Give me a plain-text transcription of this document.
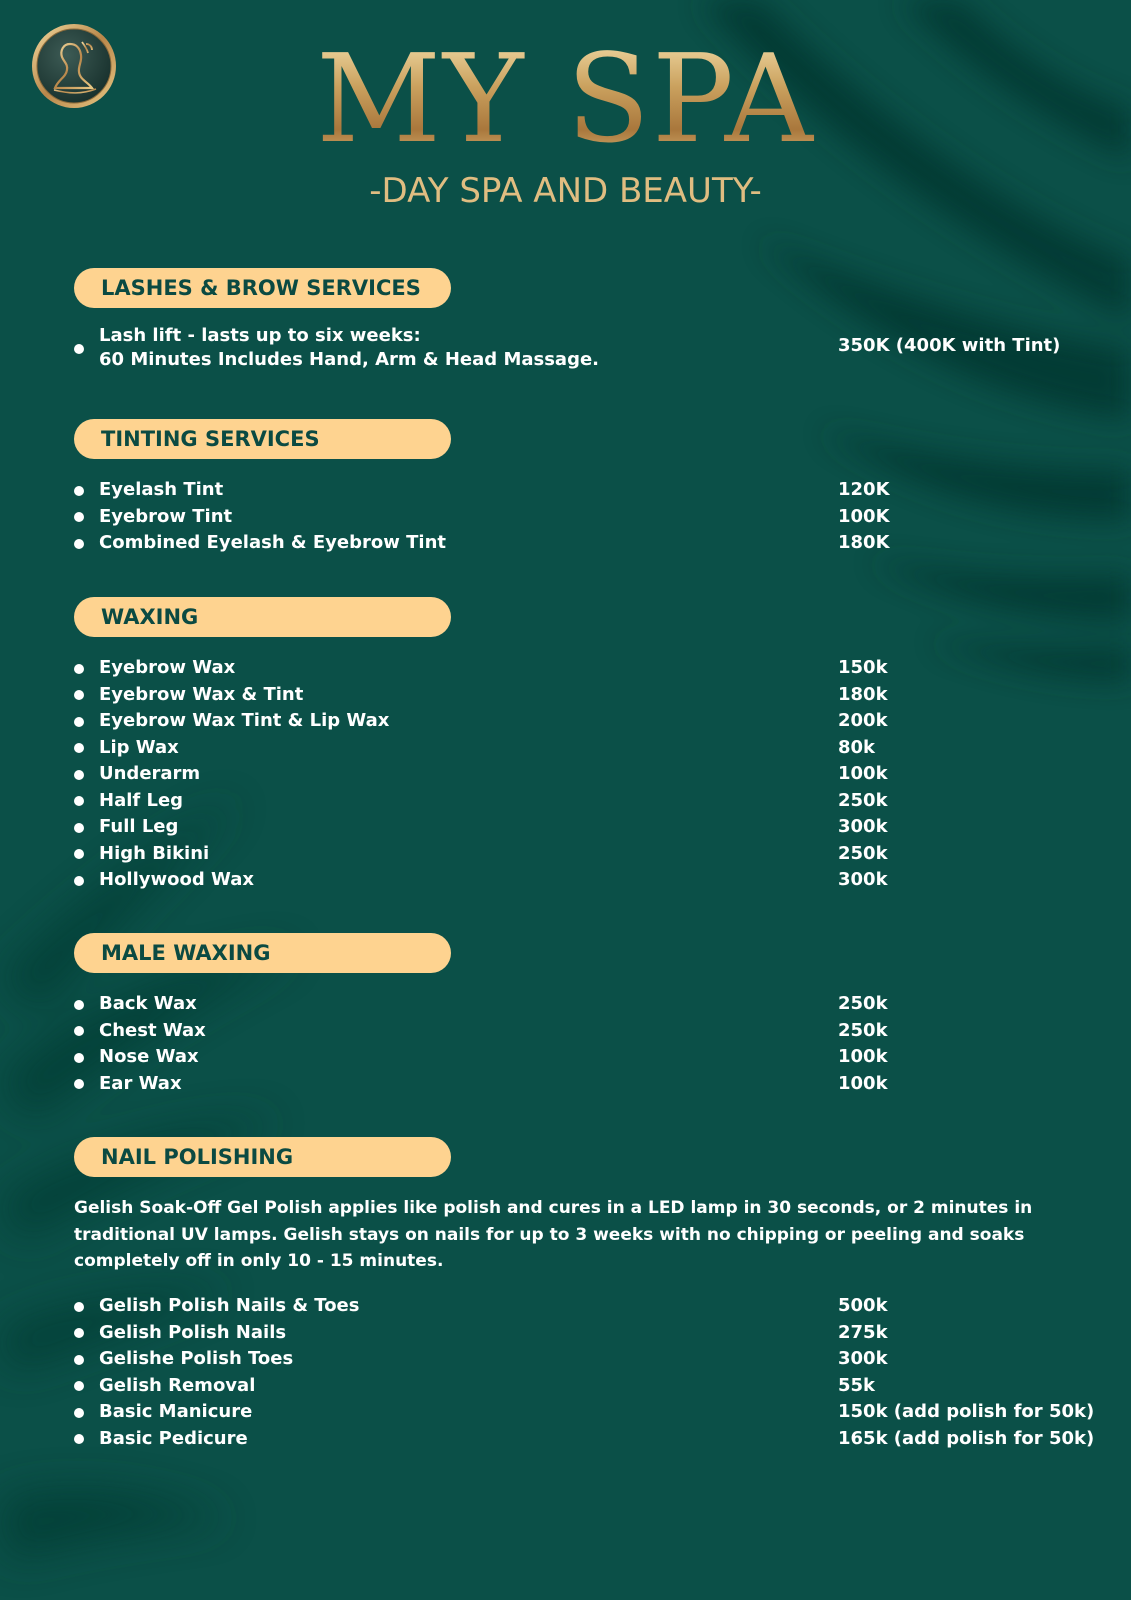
MY SPA

-DAY SPA AND BEAUTY-

LASHES & BROW SERVICES
Lash lift - lasts up to six weeks:
60 Minutes Includes Hand, Arm & Head Massage.
350K (400K with Tint)
TINTING SERVICES
Eyelash Tint	120K
Eyebrow Tint	100K
Combined Eyelash & Eyebrow Tint	180K
WAXING
Eyebrow Wax	150k
Eyebrow Wax & Tint	180k
Eyebrow Wax Tint & Lip Wax	200k
Lip Wax	80k
Underarm	100k
Half Leg	250k
Full Leg	300k
High Bikini	250k
Hollywood Wax	300k
MALE WAXING
Back Wax	250k
Chest Wax	250k
Nose Wax	100k
Ear Wax	100k
NAIL POLISHING

Gelish Soak-Off Gel Polish applies like polish and cures in a LED lamp in 30 seconds, or 2 minutes in traditional UV lamps. Gelish stays on nails for up to 3 weeks with no chipping or peeling and soaks completely off in only 10 - 15 minutes.

Gelish Polish Nails & Toes	500k
Gelish Polish Nails	275k
Gelishe Polish Toes	300k
Gelish Removal	55k
Basic Manicure	150k (add polish for 50k)
Basic Pedicure	165k (add polish for 50k)
